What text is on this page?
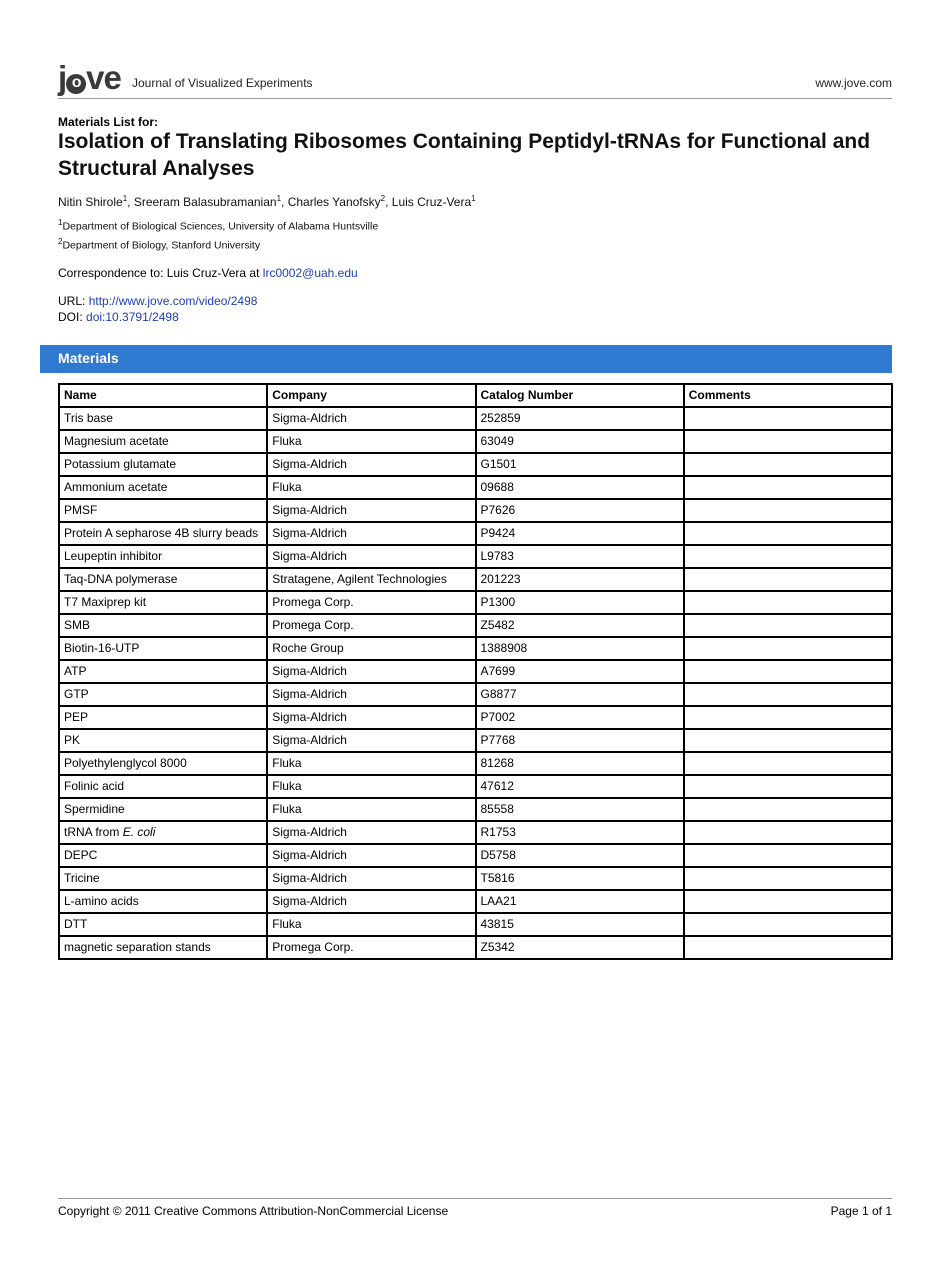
j o ve Journal of Visualized Experiments	www.jove.com
Materials List for:
Isolation of Translating Ribosomes Containing Peptidyl-tRNAs for Functional and Structural Analyses
Nitin Shirole$^1$, Sreeram Balasubramanian$^1$, Charles Yanofsky$^2$, Luis Cruz-Vera$^1$
$^1$Department of Biological Sciences, University of Alabama Huntsville
$^2$Department of Biology, Stanford University
Correspondence to: Luis Cruz-Vera at lrc0002@uah.edu
URL: http://www.jove.com/video/2498
DOI: doi:10.3791/2498
Materials
Name	Company	Catalog Number	Comments
Tris base	Sigma-Aldrich	252859	
Magnesium acetate	Fluka	63049	
Potassium glutamate	Sigma-Aldrich	G1501	
Ammonium acetate	Fluka	09688	
PMSF	Sigma-Aldrich	P7626	
Protein A sepharose 4B slurry beads	Sigma-Aldrich	P9424	
Leupeptin inhibitor	Sigma-Aldrich	L9783	
Taq-DNA polymerase	Stratagene, Agilent Technologies	201223	
T7 Maxiprep kit	Promega Corp.	P1300	
SMB	Promega Corp.	Z5482	
Biotin-16-UTP	Roche Group	1388908	
ATP	Sigma-Aldrich	A7699	
GTP	Sigma-Aldrich	G8877	
PEP	Sigma-Aldrich	P7002	
PK	Sigma-Aldrich	P7768	
Polyethylenglycol 8000	Fluka	81268	
Folinic acid	Fluka	47612	
Spermidine	Fluka	85558	
tRNA from E. coli	Sigma-Aldrich	R1753	
DEPC	Sigma-Aldrich	D5758	
Tricine	Sigma-Aldrich	T5816	
L-amino acids	Sigma-Aldrich	LAA21	
DTT	Fluka	43815	
magnetic separation stands	Promega Corp.	Z5342	
Copyright © 2011 Creative Commons Attribution-NonCommercial License	Page 1 of 1
